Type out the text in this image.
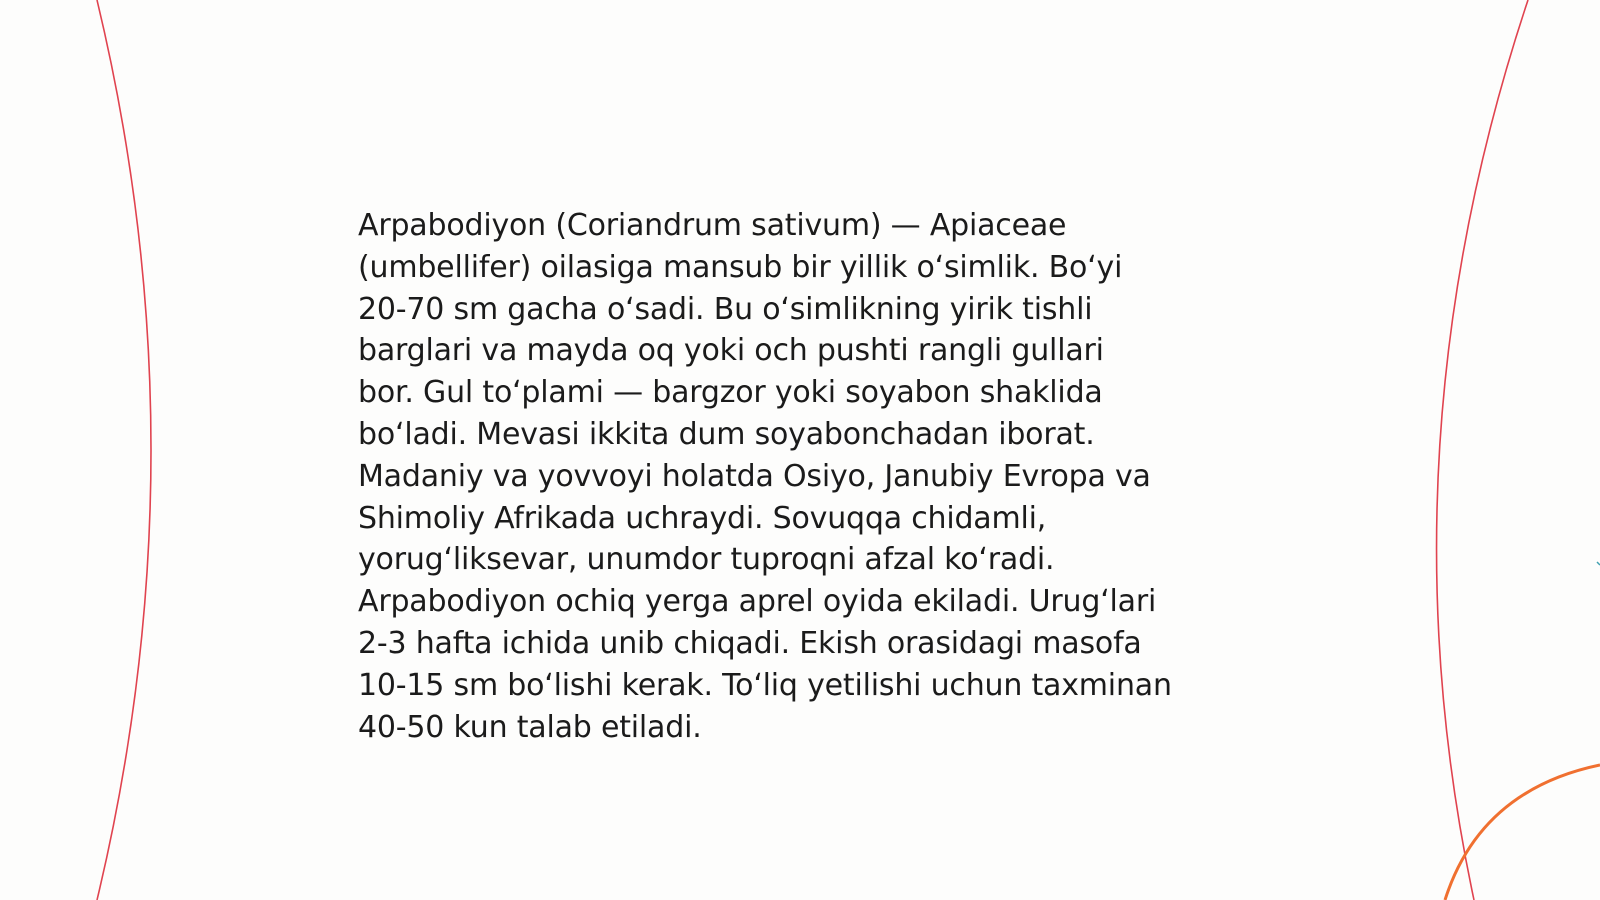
Arpabodiyon (Coriandrum sativum) — Apiaceae
(umbellifer) oilasiga mansub bir yillik o‘simlik. Bo‘yi
20-70 sm gacha o‘sadi. Bu o‘simlikning yirik tishli
barglari va mayda oq yoki och pushti rangli gullari
bor. Gul to‘plami — bargzor yoki soyabon shaklida
bo‘ladi. Mevasi ikkita dum soyabonchadan iborat.
Madaniy va yovvoyi holatda Osiyo, Janubiy Evropa va
Shimoliy Afrikada uchraydi. Sovuqqa chidamli,
yorug‘liksevar, unumdor tuproqni afzal ko‘radi.
Arpabodiyon ochiq yerga aprel oyida ekiladi. Urug‘lari
2-3 hafta ichida unib chiqadi. Ekish orasidagi masofa
10-15 sm bo‘lishi kerak. To‘liq yetilishi uchun taxminan
40-50 kun talab etiladi.
